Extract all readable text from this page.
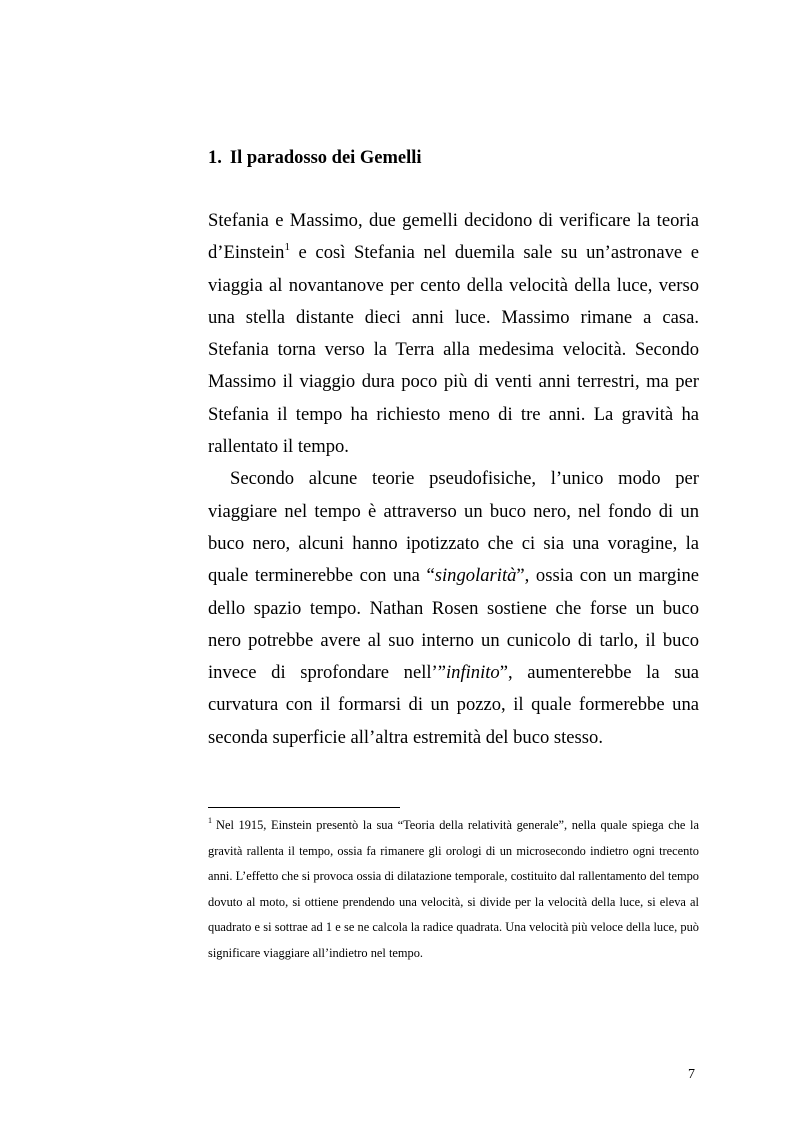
1. Il paradosso dei Gemelli

Stefania e Massimo, due gemelli decidono di verificare la teoria d’Einstein$^1$ e così Stefania nel duemila sale su un’astronave e viaggia al novantanove per cento della velocità della luce, verso una stella distante dieci anni luce. Massimo rimane a casa. Stefania torna verso la Terra alla medesima velocità. Secondo Massimo il viaggio dura poco più di venti anni terrestri, ma per Stefania il tempo ha richiesto meno di tre anni. La gravità ha rallentato il tempo.

Secondo alcune teorie pseudofisiche, l’unico modo per viaggiare nel tempo è attraverso un buco nero, nel fondo di un buco nero, alcuni hanno ipotizzato che ci sia una voragine, la quale terminerebbe con una “singolarità”, ossia con un margine dello spazio tempo. Nathan Rosen sostiene che forse un buco nero potrebbe avere al suo interno un cunicolo di tarlo, il buco invece di sprofondare nell’”infinito”, aumenterebbe la sua curvatura con il formarsi di un pozzo, il quale formerebbe una seconda superficie all’altra estremità del buco stesso.

$^1$ Nel 1915, Einstein presentò la sua “Teoria della relatività generale”, nella quale spiega che la gravità rallenta il tempo, ossia fa rimanere gli orologi di un microsecondo indietro ogni trecento anni. L’effetto che si provoca ossia di dilatazione temporale, costituito dal rallentamento del tempo dovuto al moto, si ottiene prendendo una velocità, si divide per la velocità della luce, si eleva al quadrato e si sottrae ad 1 e se ne calcola la radice quadrata. Una velocità più veloce della luce, può significare viaggiare all’indietro nel tempo.

7
